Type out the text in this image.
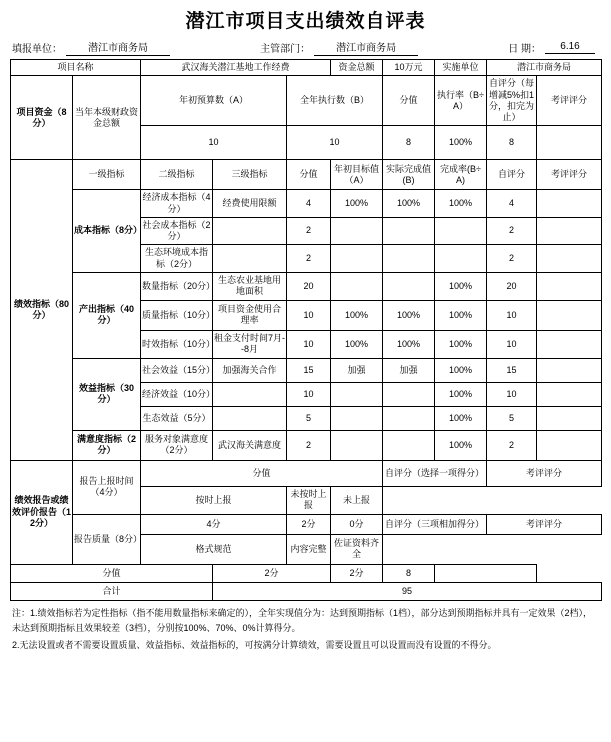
潜江市项目支出绩效自评表
填报单位：	潜江市商务局	主管部门：	潜江市商务局	日 期：	6.16
项目名称		武汉海关潜江基地工作经费			资金总额	10万元	实施单位	潜江市商务局	
项目资金（8分）	当年本级财政资金总额	年初预算数（A）		全年执行数（B）		分值	执行率（B÷A）	自评分（每增减5%扣1分，扣完为止）	考评评分
		10		10		8	100%	8	
绩效指标（80分）	一级指标	二级指标	三级指标	分值	年初目标值（A）	实际完成值(B)	完成率(B÷A)	自评分	考评评分
	成本指标（8分）	经济成本指标（4分）	经费使用限额	4	100%	100%	100%	4	
		社会成本指标（2分）		2				2	
		生态环境成本指标（2分）		2				2	
	产出指标（40分）	数量指标（20分）	生态农业基地用地面积	20			100%	20	
		质量指标（10分）	项目资金使用合理率	10	100%	100%	100%	10	
		时效指标（10分）	租金支付时间7月--8月	10	100%	100%	100%	10	
	效益指标（30分）	社会效益（15分）	加强海关合作	15	加强	加强	100%	15	
		经济效益（10分）		10			100%	10	
		生态效益（5分）		5			100%	5	
	满意度指标（2分）	服务对象满意度（2分）	武汉海关满意度	2			100%	2	
绩效报告或绩效评价报告（12分）	报告上报时间（4分）	分值				自评分（选择一项得分）		考评评分	
		按时上报		未按时上报	未上报			
	报告质量（8分）	4分		2分	0分	自评分（三项相加得分）		考评评分	
		格式规范		内容完整	佐证资料齐全				
分值			2分		2分	8			
合计			95						

注：1.绩效指标若为定性指标（指不能用数量指标来确定的），全年实现值分为：达到预期指标（1档），部分达到预期指标并具有一定效果（2档），未达到预期指标且效果较差（3档），分别按100%、70%、0%计算得分。

2.无法设置或者不需要设置质量、效益指标、效益指标的，可按满分计算绩效，需要设置且可以设置而没有设置的不得分。
